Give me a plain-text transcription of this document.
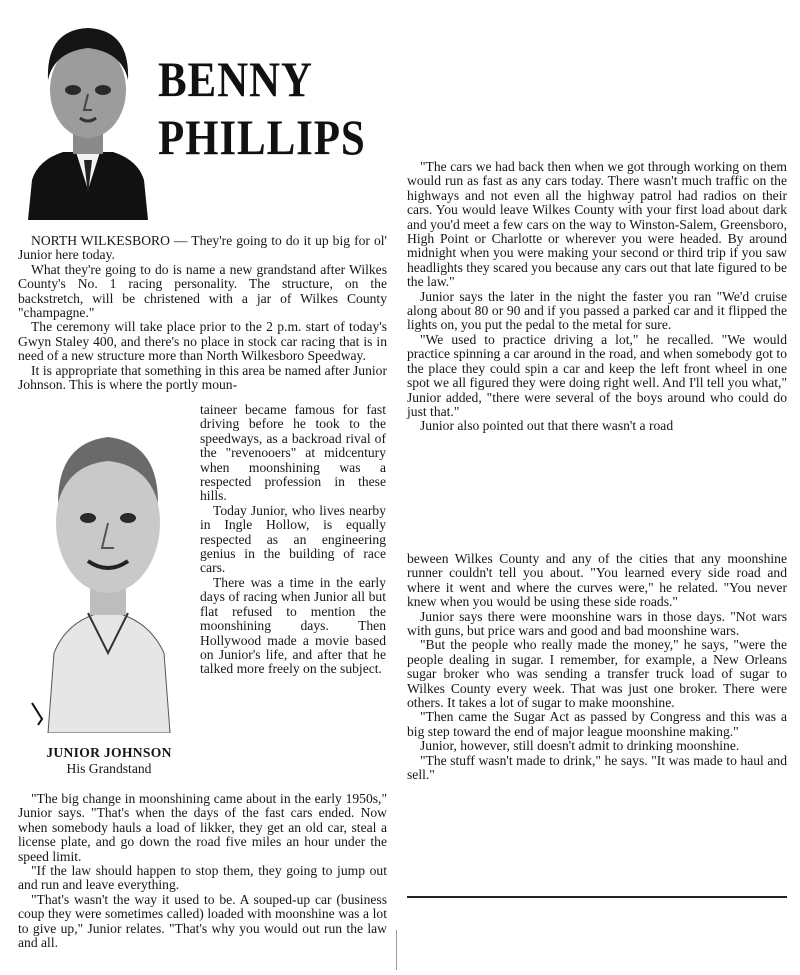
BENNY
PHILLIPS

NORTH WILKESBORO — They're going to do it up big for ol' Junior here today.

What they're going to do is name a new grandstand after Wilkes County's No. 1 racing personality. The structure, on the backstretch, will be christened with a jar of Wilkes County "champagne."

The ceremony will take place prior to the 2 p.m. start of today's Gwyn Staley 400, and there's no place in stock car racing that is in need of a new structure more than North Wilkesboro Speedway.

It is appropriate that something in this area be named after Junior Johnson. This is where the portly moun-

taineer became famous for fast driving before he took to the speedways, as a backroad rival of the "revenooers" at midcentury when moonshining was a respected profession in these hills.

Today Junior, who lives nearby in Ingle Hollow, is equally respected as an engineering genius in the building of race cars.

There was a time in the early days of racing when Junior all but flat refused to mention the moonshining days. Then Hollywood made a movie based on Junior's life, and after that he talked more freely on the subject.

JUNIOR JOHNSON
His Grandstand

"The big change in moonshining came about in the early 1950s," Junior says. "That's when the days of the fast cars ended. Now when somebody hauls a load of likker, they get an old car, steal a license plate, and go down the road five miles an hour under the speed limit.

"If the law should happen to stop them, they going to jump out and run and leave everything.

"That's wasn't the way it used to be. A souped-up car (business coup they were sometimes called) loaded with moonshine was a lot to give up," Junior relates. "That's why you would out run the law and all.

"The cars we had back then when we got through working on them would run as fast as any cars today. There wasn't much traffic on the highways and not even all the highway patrol had radios on their cars. You would leave Wilkes County with your first load about dark and you'd meet a few cars on the way to Winston-Salem, Greensboro, High Point or Charlotte or wherever you were headed. By around midnight when you were making your second or third trip if you saw headlights they scared you because any cars out that late figured to be the law."

Junior says the later in the night the faster you ran "We'd cruise along about 80 or 90 and if you passed a parked car and it flipped the lights on, you put the pedal to the metal for sure.

"We used to practice driving a lot," he recalled. "We would practice spinning a car around in the road, and when somebody got to the place they could spin a car and keep the left front wheel in one spot we all figured they were doing right well. And I'll tell you what," Junior added, "there were several of the boys around who could do just that."

Junior also pointed out that there wasn't a road

beween Wilkes County and any of the cities that any moonshine runner couldn't tell you about. "You learned every side road and where it went and where the curves were," he related. "You never knew when you would be using these side roads."

Junior says there were moonshine wars in those days. "Not wars with guns, but price wars and good and bad moonshine wars.

"But the people who really made the money," he says, "were the people dealing in sugar. I remember, for example, a New Orleans sugar broker who was sending a transfer truck load of sugar to Wilkes County every week. That was just one broker. There were others. It takes a lot of sugar to make moonshine.

"Then came the Sugar Act as passed by Congress and this was a big step toward the end of major league moonshine making."

Junior, however, still doesn't admit to drinking moonshine.

"The stuff wasn't made to drink," he says. "It was made to haul and sell."
